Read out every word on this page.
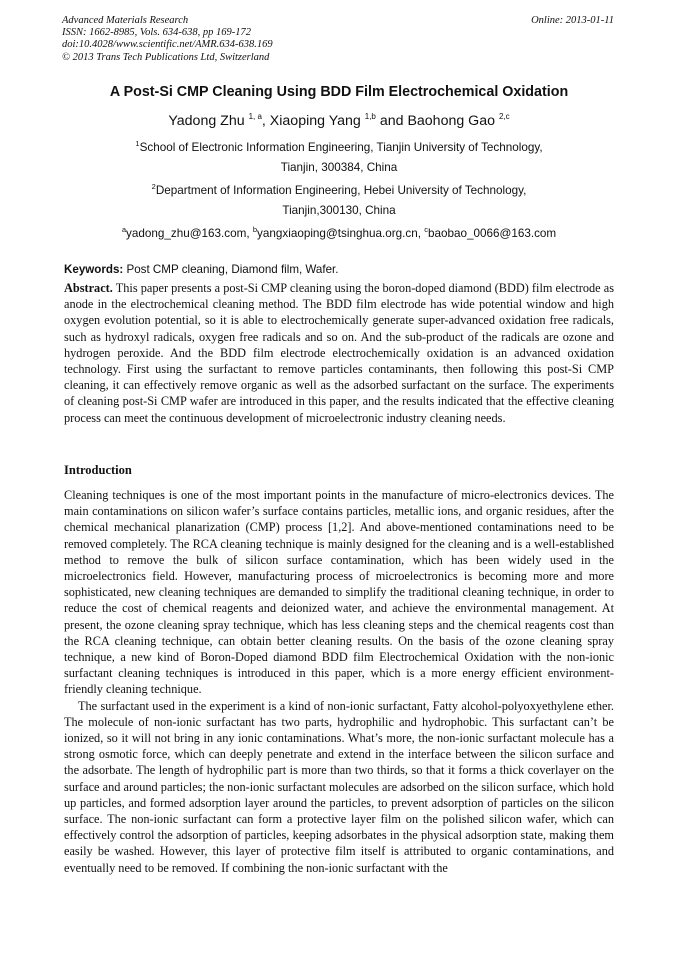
Advanced Materials Research
ISSN: 1662-8985, Vols. 634-638, pp 169-172
doi:10.4028/www.scientific.net/AMR.634-638.169
© 2013 Trans Tech Publications Ltd, Switzerland
Online: 2013-01-11
A Post-Si CMP Cleaning Using BDD Film Electrochemical Oxidation
Yadong Zhu $^{1, a}$, Xiaoping Yang $^{1,b}$ and Baohong Gao $^{2,c}$
$^1$School of Electronic Information Engineering, Tianjin University of Technology,
Tianjin, 300384, China
$^2$Department of Information Engineering, Hebei University of Technology,
Tianjin,300130, China
$^a$yadong_zhu@163.com, $^b$yangxiaoping@tsinghua.org.cn, $^c$baobao_0066@163.com
Keywords: Post CMP cleaning, Diamond film, Wafer.

Abstract. This paper presents a post-Si CMP cleaning using the boron-doped diamond (BDD) film electrode as anode in the electrochemical cleaning method. The BDD film electrode has wide potential window and high oxygen evolution potential, so it is able to electrochemically generate super-advanced oxidation free radicals, such as hydroxyl radicals, oxygen free radicals and so on. And the sub-product of the radicals are ozone and hydrogen peroxide. And the BDD film electrode electrochemically oxidation is an advanced oxidation technology. First using the surfactant to remove particles contaminants, then following this post-Si CMP cleaning, it can effectively remove organic as well as the adsorbed surfactant on the surface. The experiments of cleaning post-Si CMP wafer are introduced in this paper, and the results indicated that the effective cleaning process can meet the continuous development of microelectronic industry cleaning needs.

Introduction

Cleaning techniques is one of the most important points in the manufacture of micro-electronics devices. The main contaminations on silicon wafer’s surface contains particles, metallic ions, and organic residues, after the chemical mechanical planarization (CMP) process [1,2]. And above-mentioned contaminations need to be removed completely. The RCA cleaning technique is mainly designed for the cleaning and is a well-established method to remove the bulk of silicon surface contamination, which has been widely used in the microelectronics field. However, manufacturing process of microelectronics is becoming more and more sophisticated, new cleaning techniques are demanded to simplify the traditional cleaning technique, in order to reduce the cost of chemical reagents and deionized water, and achieve the environmental management. At present, the ozone cleaning spray technique, which has less cleaning steps and the chemical reagents cost than the RCA cleaning technique, can obtain better cleaning results. On the basis of the ozone cleaning spray technique, a new kind of Boron-Doped diamond BDD film Electrochemical Oxidation with the non-ionic surfactant cleaning techniques is introduced in this paper, which is a more energy efficient environment-friendly cleaning technique.

The surfactant used in the experiment is a kind of non-ionic surfactant, Fatty alcohol-polyoxyethylene ether. The molecule of non-ionic surfactant has two parts, hydrophilic and hydrophobic. This surfactant can’t be ionized, so it will not bring in any ionic contaminations. What’s more, the non-ionic surfactant molecule has a strong osmotic force, which can deeply penetrate and extend in the interface between the silicon surface and the adsorbate. The length of hydrophilic part is more than two thirds, so that it forms a thick coverlayer on the surface and around particles; the non-ionic surfactant molecules are adsorbed on the silicon surface, which hold up particles, and formed adsorption layer around the particles, to prevent adsorption of particles on the silicon surface. The non-ionic surfactant can form a protective layer film on the polished silicon wafer, which can effectively control the adsorption of particles, keeping adsorbates in the physical adsorption state, making them easily be washed. However, this layer of protective film itself is attributed to organic contaminations, and eventually need to be removed. If combining the non-ionic surfactant with the
